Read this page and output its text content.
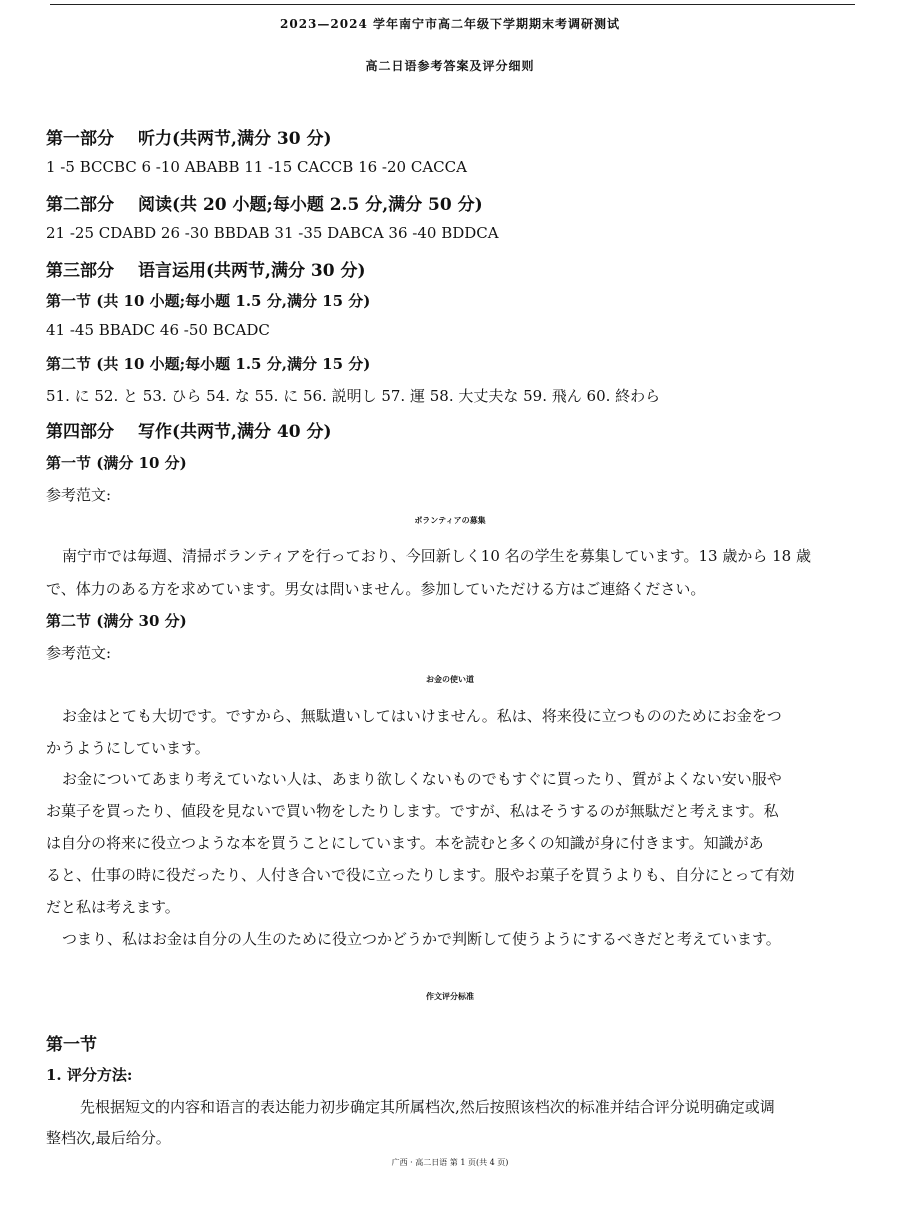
2023—2024 学年南宁市高二年级下学期期末考调研测试
高二日语参考答案及评分细则
第一部分 听力(共两节,满分 30 分)
1 -5 BCCBC 6 -10 ABABB 11 -15 CACCB 16 -20 CACCA
第二部分 阅读(共 20 小题;每小题 2.5 分,满分 50 分)
21 -25 CDABD 26 -30 BBDAB 31 -35 DABCA 36 -40 BDDCA
第三部分 语言运用(共两节,满分 30 分)
第一节 (共 10 小题;每小题 1.5 分,满分 15 分)
41 -45 BBADC 46 -50 BCADC
第二节 (共 10 小题;每小题 1.5 分,满分 15 分)
51. に 52. と 53. ひら 54. な 55. に 56. 説明し 57. 運 58. 大丈夫な 59. 飛ん 60. 終わら
第四部分 写作(共两节,满分 40 分)
第一节 (满分 10 分)
参考范文:
ボランティアの募集
南宁市では毎週、清掃ボランティアを行っており、今回新しく10 名の学生を募集しています。13 歳から 18 歳
で、体力のある方を求めています。男女は問いません。参加していただける方はご連絡ください。
第二节 (满分 30 分)
参考范文:
お金の使い道
お金はとても大切です。ですから、無駄遣いしてはいけません。私は、将来役に立つもののためにお金をつ
かうようにしています。
お金についてあまり考えていない人は、あまり欲しくないものでもすぐに買ったり、質がよくない安い服や
お菓子を買ったり、値段を見ないで買い物をしたりします。ですが、私はそうするのが無駄だと考えます。私
は自分の将来に役立つような本を買うことにしています。本を読むと多くの知識が身に付きます。知識があ
ると、仕事の時に役だったり、人付き合いで役に立ったりします。服やお菓子を買うよりも、自分にとって有効
だと私は考えます。
つまり、私はお金は自分の人生のために役立つかどうかで判断して使うようにするべきだと考えています。
作文评分标准
第一节
1. 评分方法:
先根据短文的内容和语言的表达能力初步确定其所属档次,然后按照该档次的标准并结合评分说明确定或调
整档次,最后给分。
广西 · 高二日语 第 1 页(共 4 页)
